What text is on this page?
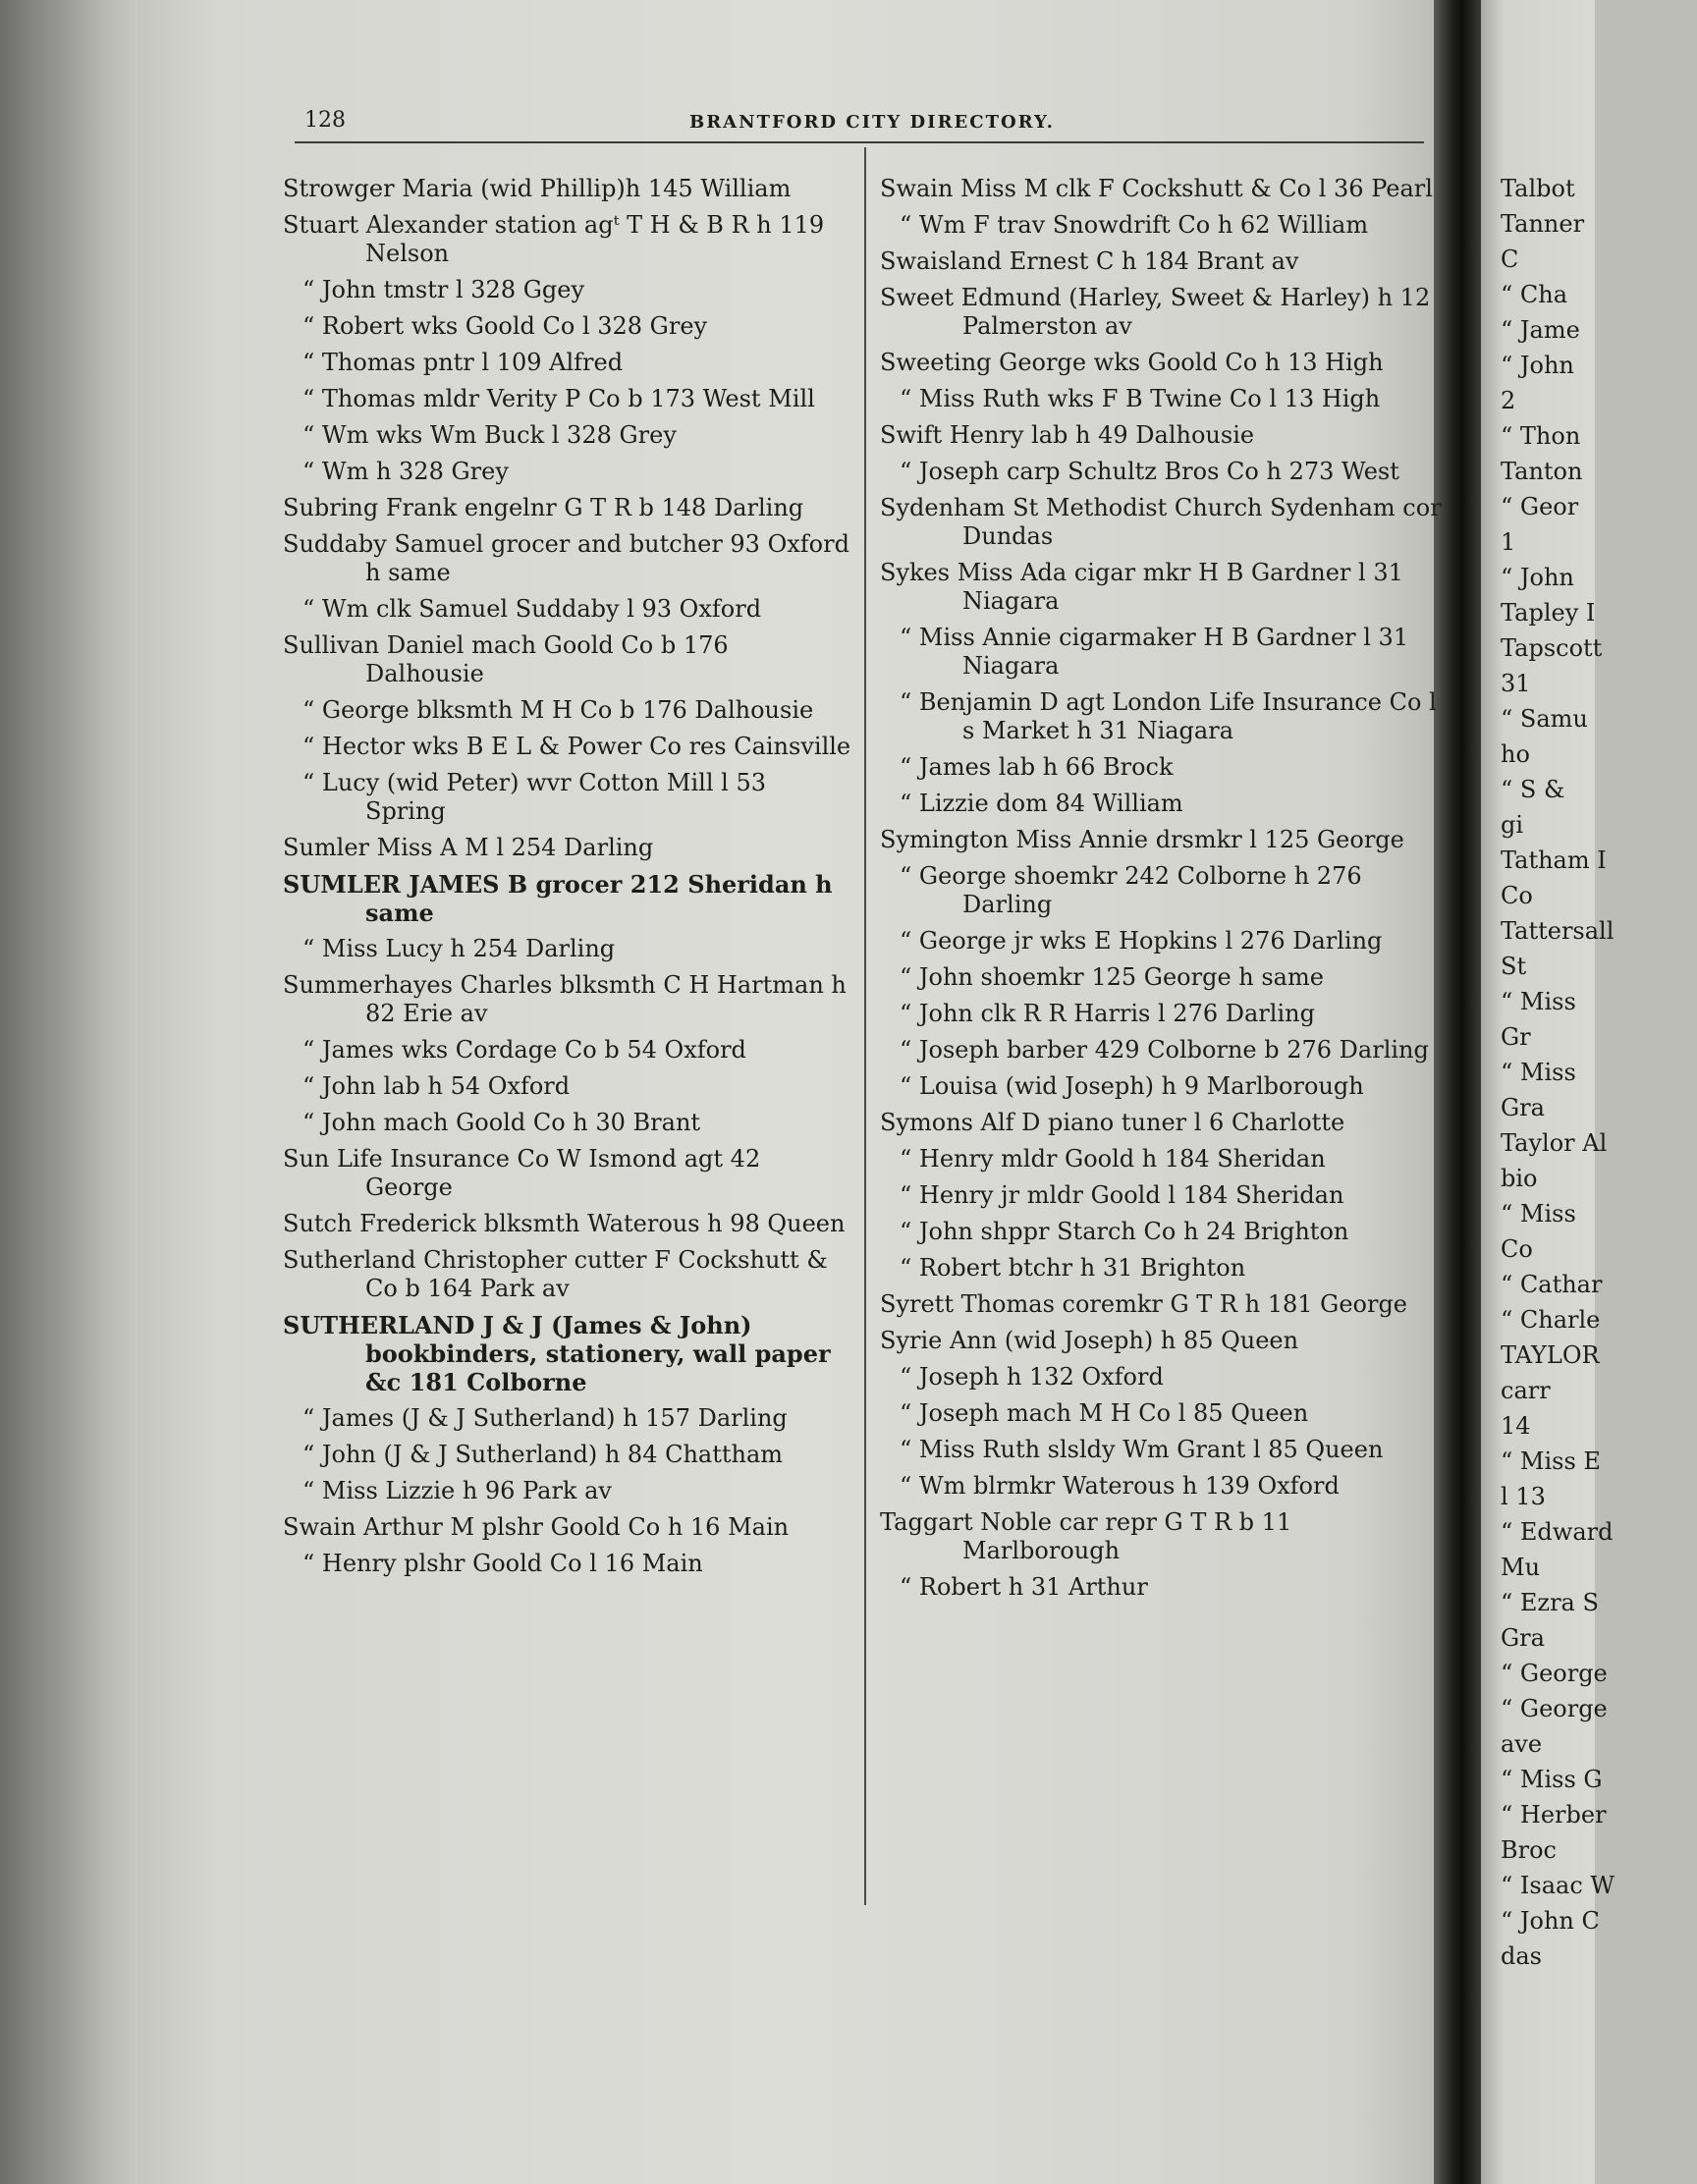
Talbot
Tanner
C
“ Cha
“ Jame
“ John
2
“ Thon
Tanton
“ Geor
1
“ John
Tapley I
Tapscott
31
“ Samu
ho
“ S &
gi
Tatham I
Co
Tattersall
St
“ Miss
Gr
“ Miss
Gra
Taylor Al
bio
“ Miss
Co
“ Cathar
“ Charle
TAYLOR
carr
14
“ Miss E
l 13
“ Edward
Mu
“ Ezra S
Gra
“ George
“ George
ave
“ Miss G
“ Herber
Broc
“ Isaac W
“ John C
das
128	BRANTFORD CITY DIRECTORY.
Strowger Maria (wid Phillip)h 145 William
Stuart Alexander station agᵗ T H & B R h 119 Nelson
“ John tmstr l 328 Ggey
“ Robert wks Goold Co l 328 Grey
“ Thomas pntr l 109 Alfred
“ Thomas mldr Verity P Co b 173 West Mill
“ Wm wks Wm Buck l 328 Grey
“ Wm h 328 Grey
Subring Frank engelnr G T R b 148 Darling
Suddaby Samuel grocer and butcher 93 Oxford h same
“ Wm clk Samuel Suddaby l 93 Oxford
Sullivan Daniel mach Goold Co b 176 Dalhousie
“ George blksmth M H Co b 176 Dalhousie
“ Hector wks B E L & Power Co res Cainsville
“ Lucy (wid Peter) wvr Cotton Mill l 53 Spring
Sumler Miss A M l 254 Darling
SUMLER JAMES B grocer 212 Sheridan h same
“ Miss Lucy h 254 Darling
Summerhayes Charles blksmth C H Hartman h 82 Erie av
“ James wks Cordage Co b 54 Oxford
“ John lab h 54 Oxford
“ John mach Goold Co h 30 Brant
Sun Life Insurance Co W Ismond agt 42 George
Sutch Frederick blksmth Waterous h 98 Queen
Sutherland Christopher cutter F Cockshutt & Co b 164 Park av
SUTHERLAND J & J (James & John) bookbinders, stationery, wall paper &c 181 Colborne
“ James (J & J Sutherland) h 157 Darling
“ John (J & J Sutherland) h 84 Chattham
“ Miss Lizzie h 96 Park av
Swain Arthur M plshr Goold Co h 16 Main
“ Henry plshr Goold Co l 16 Main
Swain Miss M clk F Cockshutt & Co l 36 Pearl
“ Wm F trav Snowdrift Co h 62 William
Swaisland Ernest C h 184 Brant av
Sweet Edmund (Harley, Sweet & Harley) h 12 Palmerston av
Sweeting George wks Goold Co h 13 High
“ Miss Ruth wks F B Twine Co l 13 High
Swift Henry lab h 49 Dalhousie
“ Joseph carp Schultz Bros Co h 273 West
Sydenham St Methodist Church Sydenham cor Dundas
Sykes Miss Ada cigar mkr H B Gardner l 31 Niagara
“ Miss Annie cigarmaker H B Gardner l 31 Niagara
“ Benjamin D agt London Life Insurance Co l s Market h 31 Niagara
“ James lab h 66 Brock
“ Lizzie dom 84 William
Symington Miss Annie drsmkr l 125 George
“ George shoemkr 242 Colborne h 276 Darling
“ George jr wks E Hopkins l 276 Darling
“ John shoemkr 125 George h same
“ John clk R R Harris l 276 Darling
“ Joseph barber 429 Colborne b 276 Darling
“ Louisa (wid Joseph) h 9 Marlborough
Symons Alf D piano tuner l 6 Charlotte
“ Henry mldr Goold h 184 Sheridan
“ Henry jr mldr Goold l 184 Sheridan
“ John shppr Starch Co h 24 Brighton
“ Robert btchr h 31 Brighton
Syrett Thomas coremkr G T R h 181 George
Syrie Ann (wid Joseph) h 85 Queen
“ Joseph h 132 Oxford
“ Joseph mach M H Co l 85 Queen
“ Miss Ruth slsldy Wm Grant l 85 Queen
“ Wm blrmkr Waterous h 139 Oxford
Taggart Noble car repr G T R b 11 Marlborough
“ Robert h 31 Arthur
